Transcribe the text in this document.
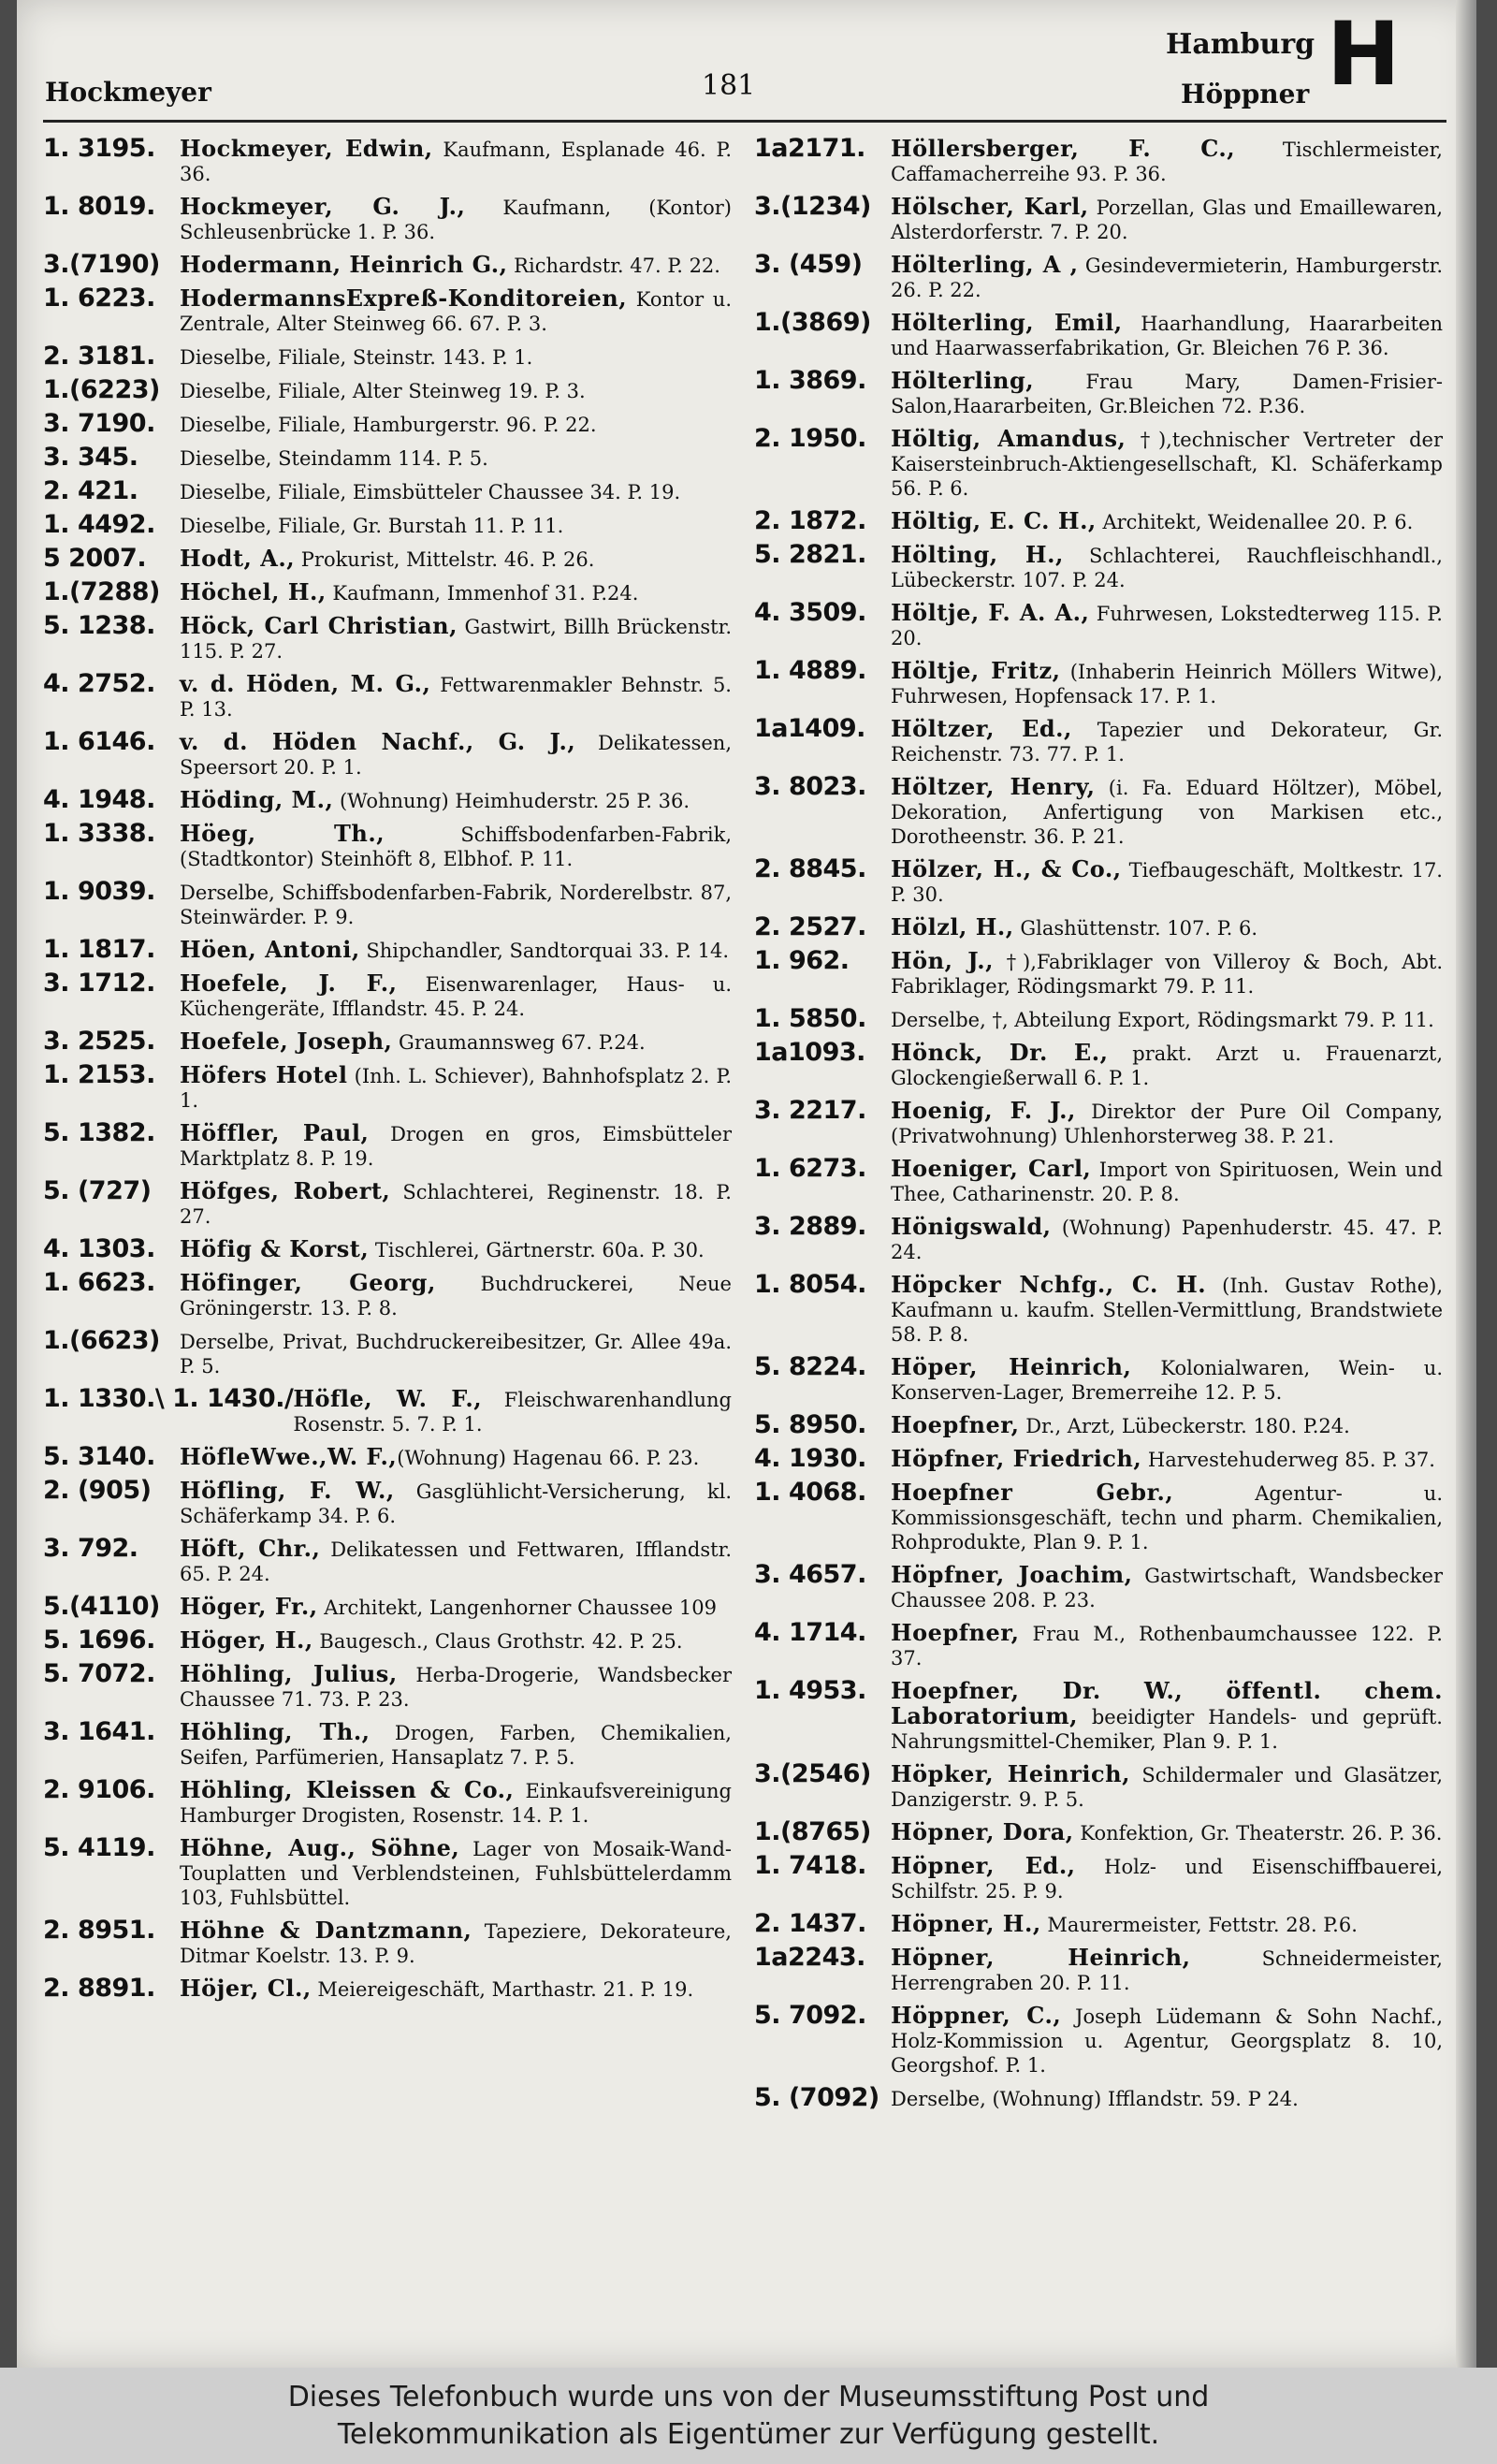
Hockmeyer	181
Hamburg
Höppner H
1. 3195.	Hockmeyer, Edwin, Kaufmann, Esplanade 46. P. 36.
1. 8019.	Hockmeyer, G. J., Kaufmann, (Kontor) Schleusenbrücke 1. P. 36.
3.(7190) Hodermann, Heinrich G., Richardstr. 47. P. 22.
1. 6223.	HodermannsExpreß-Konditoreien, Kontor u. Zentrale, Alter Steinweg 66. 67. P. 3.
2. 3181.	Dieselbe, Filiale, Steinstr. 143. P. 1.
1.(6223)	Dieselbe, Filiale, Alter Steinweg 19. P. 3.
3. 7190.	Dieselbe, Filiale, Hamburgerstr. 96. P. 22.
3. 345.	Dieselbe, Steindamm 114. P. 5.
2. 421.	Dieselbe, Filiale, Eimsbütteler Chaussee 34. P. 19.
1. 4492.	Dieselbe, Filiale, Gr. Burstah 11. P. 11.
5 2007.	Hodt, A., Prokurist, Mittelstr. 46. P. 26.
1.(7288) Höchel, H., Kaufmann, Immenhof 31. P.24.
5. 1238.	Höck, Carl Christian, Gastwirt, Billh Brückenstr. 115. P. 27.
4. 2752.	v. d. Höden, M. G., Fettwarenmakler Behnstr. 5. P. 13.
1. 6146.	v. d. Höden Nachf., G. J., Delikatessen, Speersort 20. P. 1.
4. 1948.	Höding, M., (Wohnung) Heimhuderstr. 25 P. 36.
1. 3338.	Höeg, Th., Schiffsbodenfarben-Fabrik, (Stadtkontor) Steinhöft 8, Elbhof. P. 11.
1. 9039.	Derselbe, Schiffsbodenfarben-Fabrik, Norderelbstr. 87, Steinwärder. P. 9.
1. 1817.	Höen, Antoni, Shipchandler, Sandtorquai 33. P. 14.
3. 1712.	Hoefele, J. F., Eisenwarenlager, Haus- u. Küchengeräte, Ifflandstr. 45. P. 24.
3. 2525.	Hoefele, Joseph, Graumannsweg 67. P.24.
1. 2153.	Höfers Hotel (Inh. L. Schiever), Bahnhofsplatz 2. P. 1.
5. 1382.	Höffler, Paul, Drogen en gros, Eimsbütteler Marktplatz 8. P. 19.
5. (727)	Höfges, Robert, Schlachterei, Reginenstr. 18. P. 27.
4. 1303.	Höfig & Korst, Tischlerei, Gärtnerstr. 60a. P. 30.
1. 6623.	Höfinger, Georg, Buchdruckerei, Neue Gröningerstr. 13. P. 8.
1.(6623)	Derselbe, Privat, Buchdruckereibesitzer, Gr. Allee 49a. P. 5.
1. 1330.\ 1. 1430./ Höfle, W. F., Fleischwarenhandlung Rosenstr. 5. 7. P. 1.
5. 3140.	HöfleWwe.,W. F.,(Wohnung) Hagenau 66. P. 23.
2. (905)	Höfling, F. W., Gasglühlicht-Versicherung, kl. Schäferkamp 34. P. 6.
3. 792.	Höft, Chr., Delikatessen und Fettwaren, Ifflandstr. 65. P. 24.
5.(4110) Höger, Fr., Architekt, Langenhorner Chaussee 109
5. 1696.	Höger, H., Baugesch., Claus Grothstr. 42. P. 25.
5. 7072.	Höhling, Julius, Herba-Drogerie, Wandsbecker Chaussee 71. 73. P. 23.
3. 1641.	Höhling, Th., Drogen, Farben, Chemikalien, Seifen, Parfümerien, Hansaplatz 7. P. 5.
2. 9106.	Höhling, Kleissen & Co., Einkaufsvereinigung Hamburger Drogisten, Rosenstr. 14. P. 1.
5. 4119.	Höhne, Aug., Söhne, Lager von Mosaik-Wand-Touplatten und Verblendsteinen, Fuhlsbüttelerdamm 103, Fuhlsbüttel.
2. 8951.	Höhne & Dantzmann, Tapeziere, Dekorateure, Ditmar Koelstr. 13. P. 9.
2. 8891.	Höjer, Cl., Meiereigeschäft, Marthastr. 21. P. 19.
1a2171.	Höllersberger, F. C., Tischlermeister, Caffamacherreihe 93. P. 36.
3.(1234) Hölscher, Karl, Porzellan, Glas und Emaillewaren, Alsterdorferstr. 7. P. 20.
3. (459)	Hölterling, A , Gesindevermieterin, Hamburgerstr. 26. P. 22.
1.(3869) Hölterling, Emil, Haarhandlung, Haararbeiten und Haarwasserfabrikation, Gr. Bleichen 76 P. 36.
1. 3869.	Hölterling, Frau Mary, Damen-Frisier-Salon,Haararbeiten, Gr.Bleichen 72. P.36.
2. 1950.	Höltig, Amandus, †),technischer Vertreter der Kaisersteinbruch-Aktiengesellschaft, Kl. Schäferkamp 56. P. 6.
2. 1872.	Höltig, E. C. H., Architekt, Weidenallee 20. P. 6.
5. 2821.	Hölting, H., Schlachterei, Rauchfleischhandl., Lübeckerstr. 107. P. 24.
4. 3509.	Höltje, F. A. A., Fuhrwesen, Lokstedterweg 115. P. 20.
1. 4889.	Höltje, Fritz, (Inhaberin Heinrich Möllers Witwe), Fuhrwesen, Hopfensack 17. P. 1.
1a1409.	Höltzer, Ed., Tapezier und Dekorateur, Gr. Reichenstr. 73. 77. P. 1.
3. 8023.	Höltzer, Henry, (i. Fa. Eduard Höltzer), Möbel, Dekoration, Anfertigung von Markisen etc., Dorotheenstr. 36. P. 21.
2. 8845.	Hölzer, H., & Co., Tiefbaugeschäft, Moltkestr. 17. P. 30.
2. 2527.	Hölzl, H., Glashüttenstr. 107. P. 6.
1. 962.	Hön, J., †),Fabriklager von Villeroy & Boch, Abt. Fabriklager, Rödingsmarkt 79. P. 11.
1. 5850.	Derselbe, †, Abteilung Export, Rödingsmarkt 79. P. 11.
1a1093.	Hönck, Dr. E., prakt. Arzt u. Frauenarzt, Glockengießerwall 6. P. 1.
3. 2217.	Hoenig, F. J., Direktor der Pure Oil Company, (Privatwohnung) Uhlenhorsterweg 38. P. 21.
1. 6273.	Hoeniger, Carl, Import von Spirituosen, Wein und Thee, Catharinenstr. 20. P. 8.
3. 2889.	Hönigswald, (Wohnung) Papenhuderstr. 45. 47. P. 24.
1. 8054.	Höpcker Nchfg., C. H. (Inh. Gustav Rothe), Kaufmann u. kaufm. Stellen-Vermittlung, Brandstwiete 58. P. 8.
5. 8224.	Höper, Heinrich, Kolonialwaren, Wein- u. Konserven-Lager, Bremerreihe 12. P. 5.
5. 8950.	Hoepfner, Dr., Arzt, Lübeckerstr. 180. P.24.
4. 1930.	Höpfner, Friedrich, Harvestehuderweg 85. P. 37.
1. 4068.	Hoepfner Gebr., Agentur- u. Kommissionsgeschäft, techn und pharm. Chemikalien, Rohprodukte, Plan 9. P. 1.
3. 4657.	Höpfner, Joachim, Gastwirtschaft, Wandsbecker Chaussee 208. P. 23.
4. 1714.	Hoepfner, Frau M., Rothenbaumchaussee 122. P. 37.
1. 4953.	Hoepfner, Dr. W., öffentl. chem. Laboratorium, beeidigter Handels- und geprüft. Nahrungsmittel-Chemiker, Plan 9. P. 1.
3.(2546) Höpker, Heinrich, Schildermaler und Glasätzer, Danzigerstr. 9. P. 5.
1.(8765) Höpner, Dora, Konfektion, Gr. Theaterstr. 26. P. 36.
1. 7418.	Höpner, Ed., Holz- und Eisenschiffbauerei, Schilfstr. 25. P. 9.
2. 1437.	Höpner, H., Maurermeister, Fettstr. 28. P.6.
1a2243.	Höpner, Heinrich, Schneidermeister, Herrengraben 20. P. 11.
5. 7092.	Höppner, C., Joseph Lüdemann & Sohn Nachf., Holz-Kommission u. Agentur, Georgsplatz 8. 10, Georgshof. P. 1.
5. (7092) Derselbe, (Wohnung) Ifflandstr. 59. P 24.
Dieses Telefonbuch wurde uns von der Museumsstiftung Post und
Telekommunikation als Eigentümer zur Verfügung gestellt.
